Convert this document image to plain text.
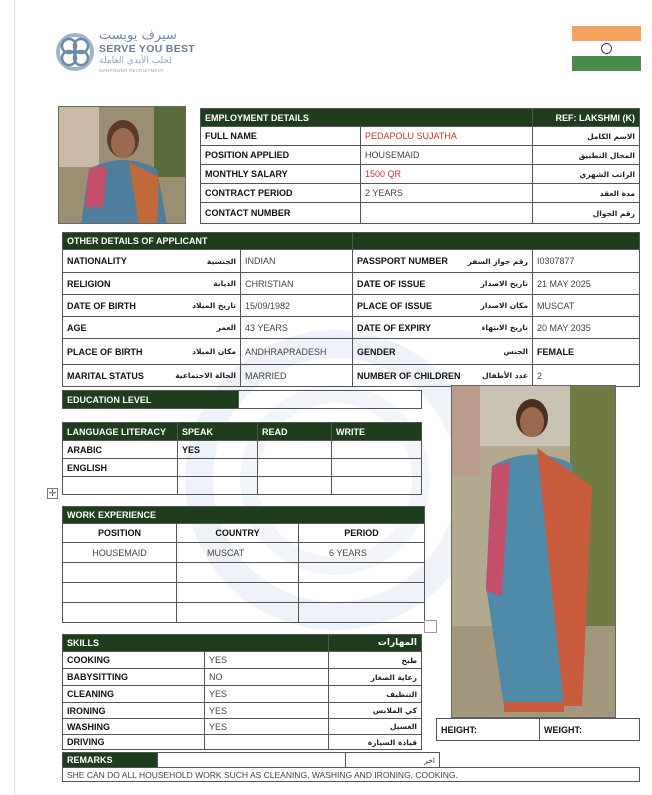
سيرف يوبست
SERVE YOU BEST
لجلب الأيدي العاملة
MANPOWER RECRUITMENT
EMPLOYMENT DETAILS		REF: LAKSHMI (K)
FULL NAME	PEDAPOLU SUJATHA	الاسم الكامل
POSITION APPLIED	HOUSEMAID	المجال التطبيق
MONTHLY SALARY	1500 QR	الراتب الشهري
CONTRACT PERIOD	2 YEARS	مدة العقد
CONTACT NUMBER		رقم الجوال
OTHER DETAILS OF APPLICANT			

NATIONALITY الجنسية	INDIAN	PASSPORT NUMBER رقم جواز السفر	I0307877

RELIGION الديانة	CHRISTIAN	DATE OF ISSUE تاريخ الاصدار	21 MAY 2025

DATE OF BIRTH تاريخ الميلاد	15/09/1982	PLACE OF ISSUE مكان الاصدار	MUSCAT

AGE العمر	43 YEARS	DATE OF EXPIRY تاريخ الانتهاء	20 MAY 2035

PLACE OF BIRTH مكان الميلاد	ANDHRAPRADESH	GENDER الجنس	FEMALE

MARITAL STATUS الحالة الاجتماعية	MARRIED	NUMBER OF CHILDREN عدد الأطفال	2
EDUCATION LEVEL	
LANGUAGE LITERACY	SPEAK	READ	WRITE
ARABIC	YES		
ENGLISH			

✛
WORK EXPERIENCE		
POSITION	COUNTRY	PERIOD
HOUSEMAID	MUSCAT	6 YEARS

SKILLS		المهارات
COOKING	YES	طبخ
BABYSITTING	NO	رعاية الصغار
CLEANING	YES	التنظيف
IRONING	YES	كي الملابس
WASHING	YES	الغسيل
DRIVING		قيادة السيارة
REMARKS		اخر
SHE CAN DO ALL HOUSEHOLD WORK SUCH AS CLEANING, WASHING AND IRONING, COOKING.
HEIGHT:	WEIGHT:
